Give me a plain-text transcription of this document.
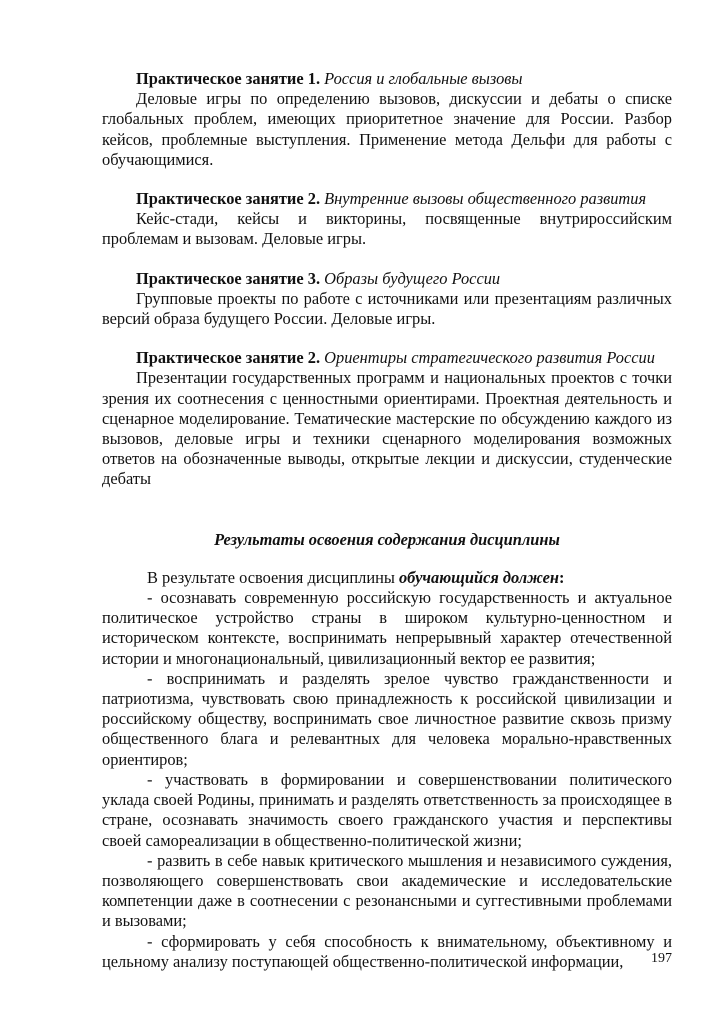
Практическое занятие 1. Россия и глобальные вызовы

Деловые игры по определению вызовов, дискуссии и дебаты о списке глобальных проблем, имеющих приоритетное значение для России. Разбор кейсов, проблемные выступления. Применение метода Дельфи для работы с обучающимися.

Практическое занятие 2. Внутренние вызовы общественного развития

Кейс-стади, кейсы и викторины, посвященные внутрироссийским проблемам и вызовам. Деловые игры.

Практическое занятие 3. Образы будущего России

Групповые проекты по работе с источниками или презентациям различных версий образа будущего России. Деловые игры.

Практическое занятие 2. Ориентиры стратегического развития России

Презентации государственных программ и национальных проектов с точки зрения их соотнесения с ценностными ориентирами. Проектная деятельность и сценарное моделирование. Тематические мастерские по обсуждению каждого из вызовов, деловые игры и техники сценарного моделирования возможных ответов на обозначенные выводы, открытые лекции и дискуссии, студенческие дебаты

Результаты освоения содержания дисциплины

В результате освоения дисциплины обучающийся должен:

- осознавать современную российскую государственность и актуальное политическое устройство страны в широком культурно-ценностном и историческом контексте, воспринимать непрерывный характер отечественной истории и многонациональный, цивилизационный вектор ее развития;

- воспринимать и разделять зрелое чувство гражданственности и патриотизма, чувствовать свою принадлежность к российской цивилизации и российскому обществу, воспринимать свое личностное развитие сквозь призму общественного блага и релевантных для человека морально-нравственных ориентиров;

- участвовать в формировании и совершенствовании политического уклада своей Родины, принимать и разделять ответственность за происходящее в стране, осознавать значимость своего гражданского участия и перспективы своей самореализации в общественно-политической жизни;

- развить в себе навык критического мышления и независимого суждения, позволяющего совершенствовать свои академические и исследовательские компетенции даже в соотнесении с резонансными и суггестивными проблемами и вызовами;

- сформировать у себя способность к внимательному, объективному и цельному анализу поступающей общественно-политической информации,	197
